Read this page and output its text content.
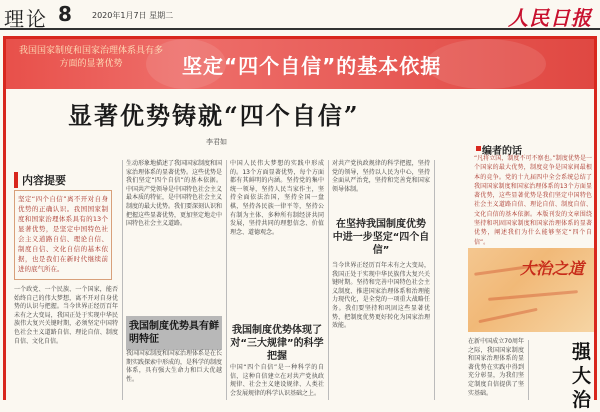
理论 8	2020年1月7日 星期二	人民日报
我国国家制度和国家治理体系具有多方面的显著优势	坚定“四个自信”的基本依据
显著优势铸就“四个自信”
李君如
内容提要
坚定“四个自信”离不开对自身优势的正确认识。我国国家制度和国家治理体系具有的13个显著优势，是坚定中国特色社会主义道路自信、理论自信、制度自信、文化自信的基本依据，也是我们在新时代继续前进的底气所在。
一个政党、一个民族、一个国家，能否始终自己的伟大梦想，离不开对自身优势的认识与把握。当今世界正经历百年未有之大变局，我国正处于实现中华民族伟大复兴关键时期，必须坚定中国特色社会主义道路自信、理论自信、制度自信、文化自信。
生动形象地描述了我国国家制度和国家治理体系的显著优势。这些优势是我们坚定“四个自信”的基本依据。中国共产党领导是中国特色社会主义最本质的特征，是中国特色社会主义制度的最大优势。我们要深刻认识和把握这些显著优势，更加坚定地走中国特色社会主义道路。
我国制度优势具有鲜明特征
我国国家制度和国家治理体系是在长期实践探索中形成的，是科学的制度体系，具有强大生命力和巨大优越性。
中国人民伟大梦想的实践中形成的。13个方面显著优势，每个方面都有其鲜明的内涵。坚持党的集中统一领导，坚持人民当家作主，坚持全面依法治国，坚持全国一盘棋，坚持各民族一律平等，坚持公有制为主体、多种所有制经济共同发展，坚持共同的理想信念、价值理念、道德观念。
我国制度优势体现了对“三大规律”的科学把握
中国“四个自信”是一种科学的自信，这种自信建立在对共产党执政规律、社会主义建设规律、人类社会发展规律的科学认识基础之上。
对共产党执政规律的科学把握，坚持党的领导，坚持以人民为中心，坚持全面从严治党，坚持和完善党和国家领导体制。
在坚持我国制度优势中进一步坚定“四个自信”
当今世界正经历百年未有之大变局，我国正处于实现中华民族伟大复兴关键时期。坚持和完善中国特色社会主义制度、推进国家治理体系和治理能力现代化，是全党的一项重大战略任务。我们要坚持和巩固这些显著优势，把制度优势更好转化为国家治理效能。
编者的话
“凡将立国，制度不可不察也。”制度优势是一个国家的最大优势，制度竞争是国家间最根本的竞争。党的十九届四中全会系统总结了我国国家制度和国家治理体系的13个方面显著优势，这些显著优势是我们坚定中国特色社会主义道路自信、理论自信、制度自信、文化自信的基本依据。本版刊发的文章围绕坚持和巩固国家制度和国家治理体系的显著优势，阐述我们为什么能够坚定“四个自信”。
大治之道
在新中国成立70周年之际，我国国家制度和国家治理体系的显著优势在实践中得到充分彰显，为我们坚定制度自信提供了坚实基础。
强大治
